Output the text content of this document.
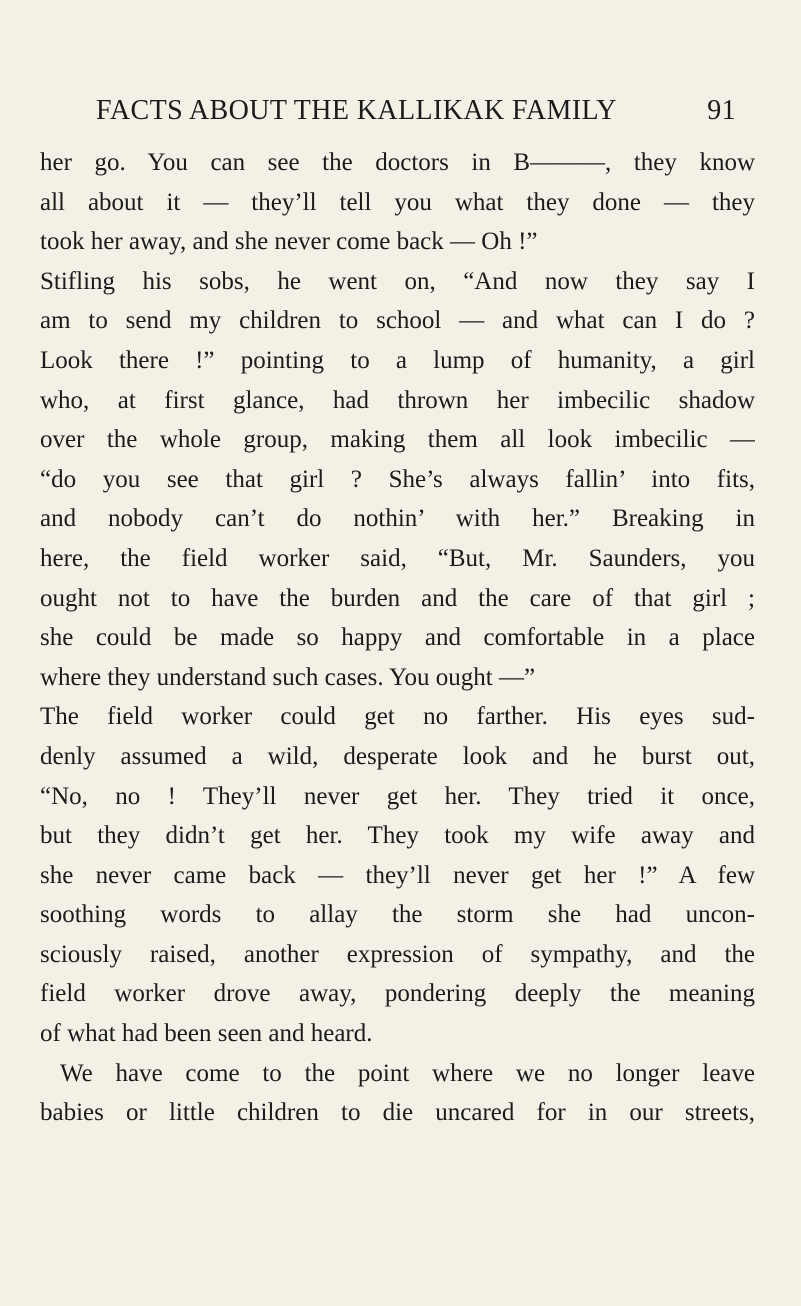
FACTS ABOUT THE KALLIKAK FAMILY	91
her go. You can see the doctors in B———, they know
all about it — they’ll tell you what they done — they
took her away, and she never come back — Oh !”
Stifling his sobs, he went on, “And now they say I
am to send my children to school — and what can I do ?
Look there !” pointing to a lump of humanity, a girl
who, at first glance, had thrown her imbecilic shadow
over the whole group, making them all look imbecilic —
“do you see that girl ? She’s always fallin’ into fits,
and nobody can’t do nothin’ with her.” Breaking in
here, the field worker said, “But, Mr. Saunders, you
ought not to have the burden and the care of that girl ;
she could be made so happy and comfortable in a place
where they understand such cases. You ought —”
The field worker could get no farther. His eyes sud-
denly assumed a wild, desperate look and he burst out,
“No, no ! They’ll never get her. They tried it once,
but they didn’t get her. They took my wife away and
she never came back — they’ll never get her !” A few
soothing words to allay the storm she had uncon-
sciously raised, another expression of sympathy, and the
field worker drove away, pondering deeply the meaning
of what had been seen and heard.
We have come to the point where we no longer leave
babies or little children to die uncared for in our streets,
